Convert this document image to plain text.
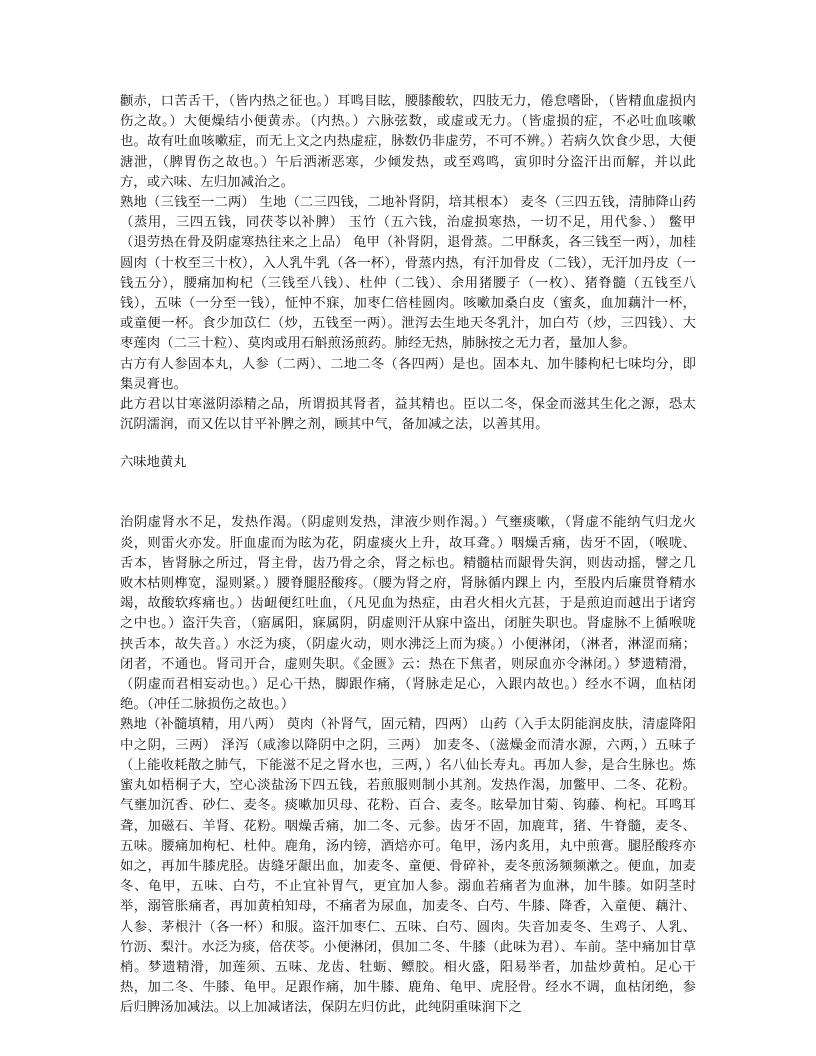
颧赤，口苦舌干，（皆内热之征也。）耳鸣目眩，腰膝酸软，四肢无力，倦怠嗜卧，（皆精血虚损内伤之故。）大便燥结小便黄赤。（内热。）六脉弦数，或虚或无力。（皆虚损的症，不必吐血咳嗽也。故有吐血咳嗽症，而无上文之内热虚症，脉数仍非虚劳，不可不辨。）若病久饮食少思，大便溏泄，（脾胃伤之故也。）午后洒淅恶寒，少倾发热，或至鸡鸣，寅卯时分盗汗出而解，并以此方，或六味、左归加减治之。

熟地（三钱至一二两） 生地（二三四钱，二地补肾阴，培其根本） 麦冬（三四五钱，清肺降山药（蒸用，三四五钱，同茯苓以补脾） 玉竹（五六钱，治虚损寒热，一切不足，用代参、） 鳖甲（退劳热在骨及阴虚寒热往来之上品） 龟甲（补肾阴，退骨蒸。二甲酥炙，各三钱至一两），加桂圆肉（十枚至三十枚），入人乳牛乳（各一杯），骨蒸内热，有汗加骨皮（二钱），无汗加丹皮（一钱五分），腰痛加枸杞（三钱至八钱）、杜仲（二钱）、余用猪腰子（一枚）、猪脊髓（五钱至八钱），五味（一分至一钱），怔忡不寐，加枣仁倍桂圆肉。咳嗽加桑白皮（蜜炙，血加藕汁一杯，或童便一杯。食少加苡仁（炒，五钱至一两）。泄泻去生地天冬乳汁，加白芍（炒，三四钱）、大枣莲肉（二三十粒）、莫肉或用石斛煎汤煎药。肺经无热，肺脉按之无力者，量加人参。

古方有人参固本丸，人参（二两）、二地二冬（各四两）是也。固本丸、加牛膝枸杞七味均分，即集灵膏也。

此方君以甘寒滋阴添精之品，所谓损其肾者，益其精也。臣以二冬，保金而滋其生化之源，恐太沉阴濡润，而又佐以甘平补脾之剂，顾其中气，备加减之法，以善其用。

六味地黄丸

治阴虚肾水不足，发热作渴。（阴虚则发热，津液少则作渴。）气壅痰嗽，（肾虚不能纳气归龙火炎，则雷火亦发。肝血虚而为眩为花，阴虚痰火上升，故耳聋。）咽燥舌痛，齿牙不固，（喉咙、舌本，皆肾脉之所过，肾主骨，齿乃骨之余，肾之标也。精髓枯而龈骨失润，则齿动摇，譬之几败木枯则榫宽，湿则紧。）腰脊腿胫酸疼。（腰为肾之府，肾脉循内踝上 内，至股内后廉贯脊精水竭，故酸软疼痛也。）齿衄便红吐血，（凡见血为热症，由君火相火亢甚，于是煎迫而越出于诸窍之中也。）盗汗失音，（寤属阳，寐属阴，阴虚则汗从寐中盗出，闭脏失职也。肾虚脉不上循喉咙挟舌本，故失音。）水泛为痰，（阴虚火动，则水沸泛上而为痰。）小便淋闭，（淋者，淋涩而痛；闭者，不通也。肾司开合，虚则失职。《金匮》云：热在下焦者，则尿血亦令淋闭。）梦遗精滑，（阴虚而君相妄动也。）足心干热，脚跟作痛，（肾脉走足心，入跟内故也。）经水不调，血枯闭绝。（冲任二脉损伤之故也。）

熟地（补髓填精，用八两） 萸肉（补肾气，固元精，四两） 山药（入手太阴能润皮肤，清虚降阳中之阴，三两） 泽泻（咸渗以降阴中之阴，三两） 加麦冬、（滋燥金而清水源，六两，）五味子（上能收耗散之肺气，下能滋不足之肾水也，三两，）名八仙长寿丸。再加人参，是合生脉也。炼蜜丸如梧桐子大，空心淡盐汤下四五钱，若煎服则制小其剂。发热作渴，加鳖甲、二冬、花粉。气壅加沉香、砂仁、麦冬。痰嗽加贝母、花粉、百合、麦冬。眩晕加甘菊、钩藤、枸杞。耳鸣耳聋，加磁石、羊肾、花粉。咽燥舌痛，加二冬、元参。齿牙不固，加鹿茸，猪、牛脊髓，麦冬、五味。腰痛加枸杞、杜仲。鹿角，汤内镑，酒焙亦可。龟甲，汤内炙用，丸中煎膏。腿胫酸疼亦如之，再加牛膝虎胫。齿缝牙龈出血，加麦冬、童便、骨碎补，麦冬煎汤频频漱之。便血，加麦冬、龟甲，五味、白芍，不止宜补胃气，更宜加人参。溺血若痛者为血淋，加牛膝。如阴茎时举，溺管胀痛者，再加黄柏知母，不痛者为尿血，加麦冬、白芍、牛膝、降香，入童便、藕汁、人参、茅根汁（各一杯）和服。盗汗加枣仁、五味、白芍、圆肉。失音加麦冬、生鸡子、人乳、竹沥、梨汁。水泛为痰，倍茯苓。小便淋闭，倶加二冬、牛膝（此味为君）、车前。茎中痛加甘草梢。梦遗精滑，加莲须、五味、龙齿、牡蛎、鳔胶。相火盛，阳易举者，加盐炒黄柏。足心干热，加二冬、牛膝、龟甲。足跟作痛，加牛膝、鹿角、龟甲、虎胫骨。经水不调，血枯闭绝，参后归脾汤加减法。以上加减诸法，保阴左归仿此，此纯阴重味润下之
